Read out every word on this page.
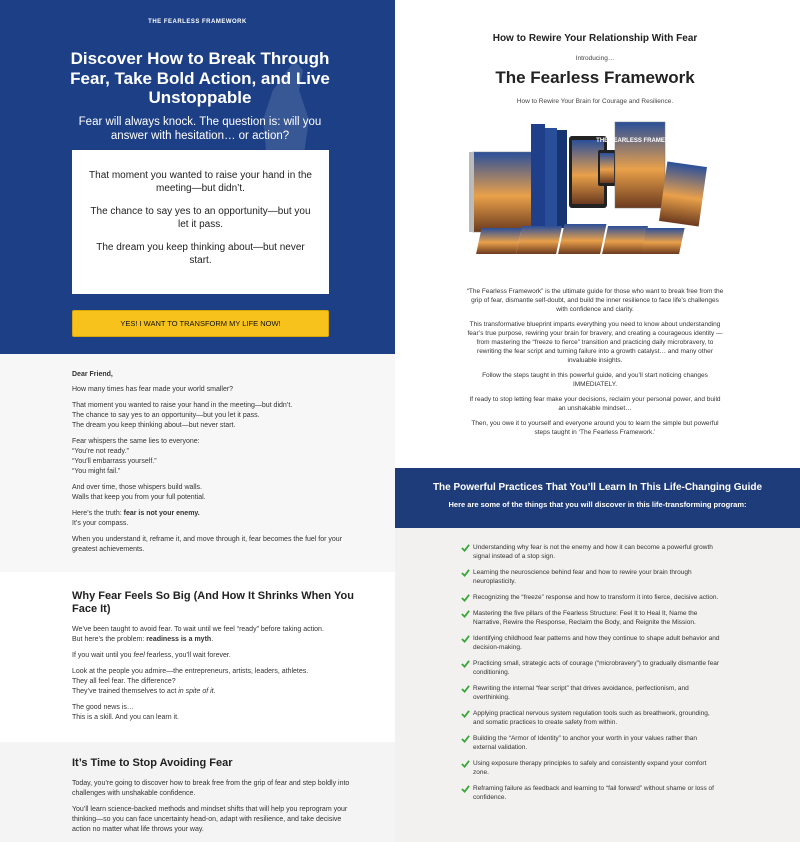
THE FEARLESS FRAMEWORK
Discover How to Break Through Fear, Take Bold Action, and Live Unstoppable

Fear will always knock. The question is: will you answer with hesitation… or action?

That moment you wanted to raise your hand in the meeting—but didn’t.

The chance to say yes to an opportunity—but you let it pass.

The dream you keep thinking about—but never start.

YES! I WANT TO TRANSFORM MY LIFE NOW!

Dear Friend,

How many times has fear made your world smaller?

That moment you wanted to raise your hand in the meeting—but didn’t.
The chance to say yes to an opportunity—but you let it pass.
The dream you keep thinking about—but never start.

Fear whispers the same lies to everyone:
“You’re not ready.”
“You’ll embarrass yourself.”
“You might fail.”

And over time, those whispers build walls.
Walls that keep you from your full potential.

Here’s the truth: fear is not your enemy.
It’s your compass.

When you understand it, reframe it, and move through it, fear becomes the fuel for your greatest achievements.

Why Fear Feels So Big (And How It Shrinks When You Face It)

We’ve been taught to avoid fear. To wait until we feel “ready” before taking action.
But here’s the problem: readiness is a myth.

If you wait until you feel fearless, you’ll wait forever.

Look at the people you admire—the entrepreneurs, artists, leaders, athletes.
They all feel fear. The difference?
They’ve trained themselves to act in spite of it.

The good news is…
This is a skill. And you can learn it.

It’s Time to Stop Avoiding Fear

Today, you’re going to discover how to break free from the grip of fear and step boldly into challenges with unshakable confidence.

You’ll learn science-backed methods and mindset shifts that will help you reprogram your thinking—so you can face uncertainty head-on, adapt with resilience, and take decisive action no matter what life throws your way.

How to Rewire Your Relationship With Fear
Introducing…
The Fearless Framework
How to Rewire Your Brain for Courage and Resilience.
THE FEARLESS FRAMEWORK

“The Fearless Framework” is the ultimate guide for those who want to break free from the grip of fear, dismantle self-doubt, and build the inner resilience to face life’s challenges with confidence and clarity.

This transformative blueprint imparts everything you need to know about understanding fear’s true purpose, rewiring your brain for bravery, and creating a courageous identity — from mastering the “freeze to fierce” transition and practicing daily microbravery, to rewriting the fear script and turning failure into a growth catalyst… and many other invaluable insights.

Follow the steps taught in this powerful guide, and you’ll start noticing changes IMMEDIATELY.

If ready to stop letting fear make your decisions, reclaim your personal power, and build an unshakable mindset…

Then, you owe it to yourself and everyone around you to learn the simple but powerful steps taught in ‘The Fearless Framework.’

The Powerful Practices That You’ll Learn In This Life-Changing Guide
Here are some of the things that you will discover in this life-transforming program:
Understanding why fear is not the enemy and how it can become a powerful growth signal instead of a stop sign.
Learning the neuroscience behind fear and how to rewire your brain through neuroplasticity.
Recognizing the “freeze” response and how to transform it into fierce, decisive action.
Mastering the five pillars of the Fearless Structure: Feel It to Heal It, Name the Narrative, Rewire the Response, Reclaim the Body, and Reignite the Mission.
Identifying childhood fear patterns and how they continue to shape adult behavior and decision-making.
Practicing small, strategic acts of courage (“microbravery”) to gradually dismantle fear conditioning.
Rewriting the internal “fear script” that drives avoidance, perfectionism, and overthinking.
Applying practical nervous system regulation tools such as breathwork, grounding, and somatic practices to create safety from within.
Building the “Armor of Identity” to anchor your worth in your values rather than external validation.
Using exposure therapy principles to safely and consistently expand your comfort zone.
Reframing failure as feedback and learning to “fail forward” without shame or loss of confidence.
